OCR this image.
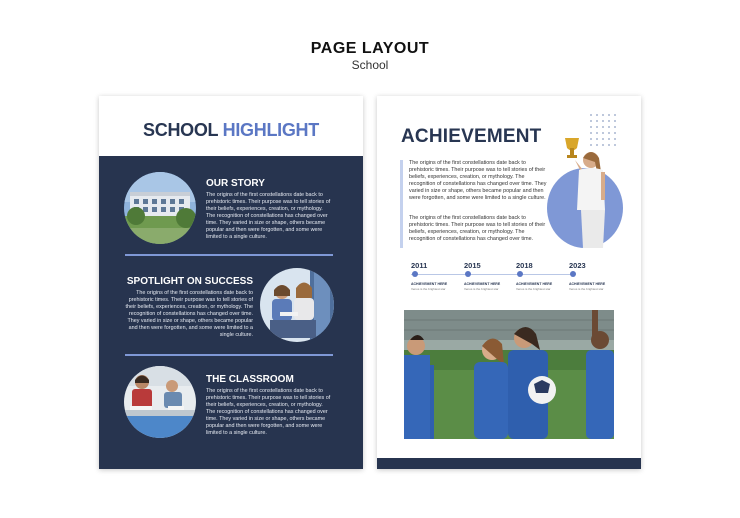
PAGE LAYOUT
School
SCHOOL HIGHLIGHT
OUR STORY
The origins of the first constellations date back to prehistoric times. Their purpose was to tell stories of their beliefs, experiences, creation, or mythology. The recognition of constellations has changed over time. They varied in size or shape, others became popular and then were forgotten, and some were limited to a single culture.
SPOTLIGHT ON SUCCESS
The origins of the first constellations date back to prehistoric times. Their purpose was to tell stories of their beliefs, experiences, creation, or mythology. The recognition of constellations has changed over time. They varied in size or shape, others became popular and then were forgotten, and some were limited to a single culture.
THE CLASSROOM
The origins of the first constellations date back to prehistoric times. Their purpose was to tell stories of their beliefs, experiences, creation, or mythology. The recognition of constellations has changed over time. They varied in size or shape, others became popular and then were forgotten, and some were limited to a single culture.
ACHIEVEMENT
The origins of the first constellations date back to prehistoric times. Their purpose was to tell stories of their beliefs, experiences, creation, or mythology. The recognition of constellations has changed over time. They varied in size or shape, others became popular and then were forgotten, and some were limited to a single culture.
The origins of the first constellations date back to prehistoric times. Their purpose was to tell stories of their beliefs, experiences, creation, or mythology. The recognition of constellations has changed over time.
2011	2015	2018	2023
ACHIEVEMENT HERE	ACHIEVEMENT HERE	ACHIEVEMENT HERE	ACHIEVEMENT HERE
Venus is the brightest star	Venus is the brightest star	Venus is the brightest star	Venus is the brightest star
